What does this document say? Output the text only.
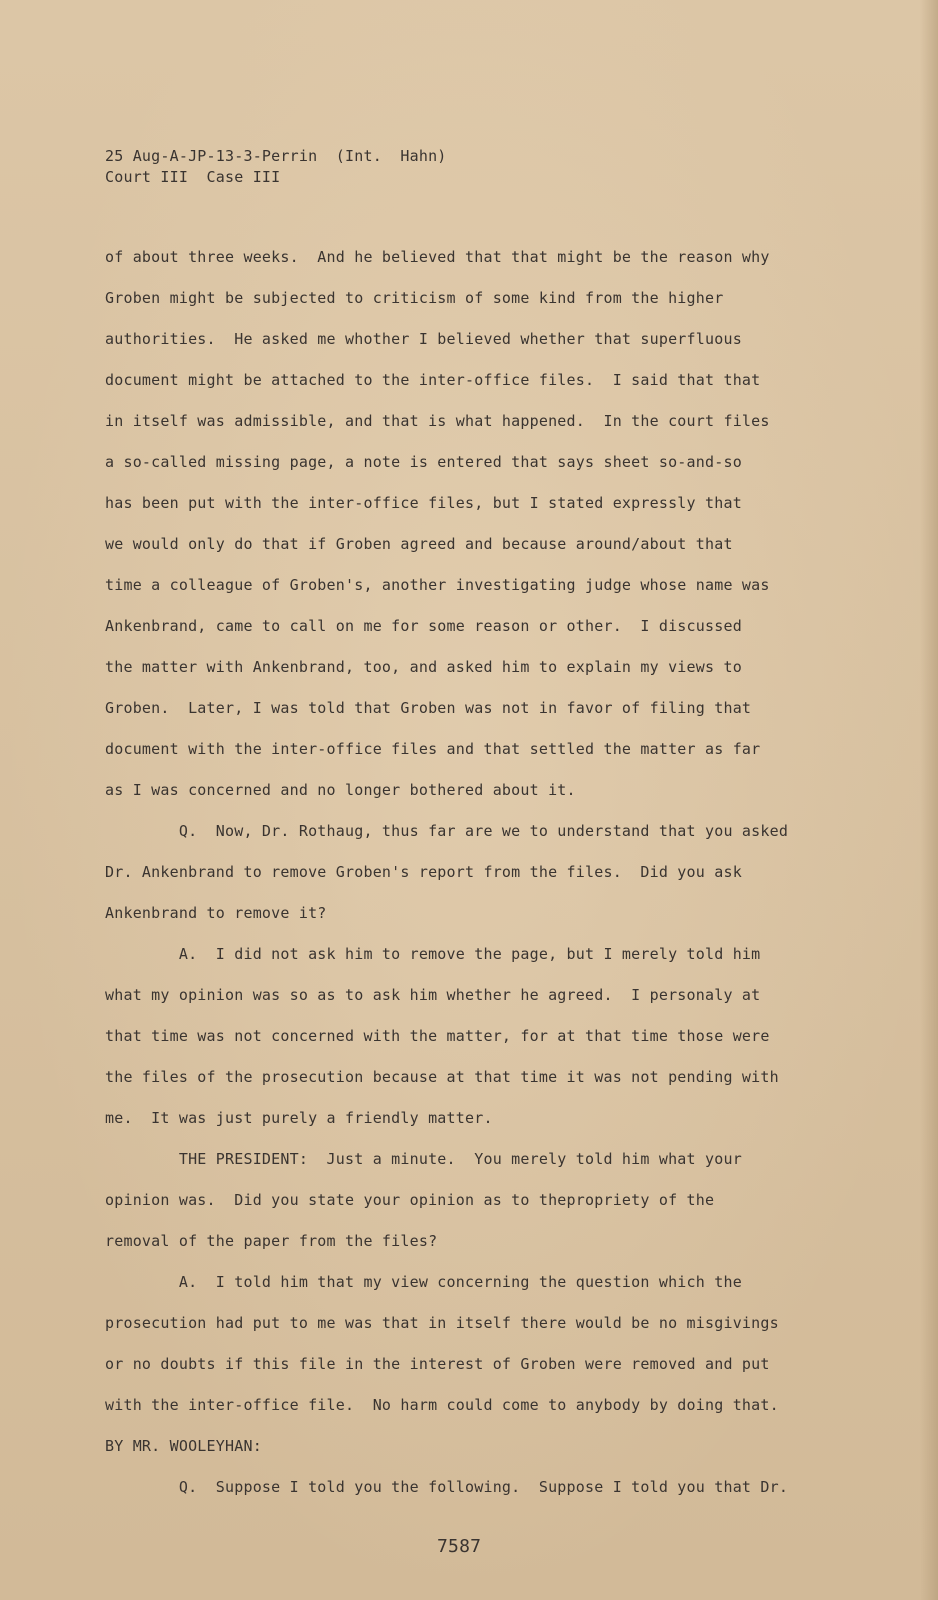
25 Aug-A-JP-13-3-Perrin  (Int.  Hahn)
Court III  Case III
of about three weeks.  And he believed that that might be the reason why
Groben might be subjected to criticism of some kind from the higher
authorities.  He asked me whother I believed whether that superfluous
document might be attached to the inter-office files.  I said that that
in itself was admissible, and that is what happened.  In the court files
a so-called missing page, a note is entered that says sheet so-and-so
has been put with the inter-office files, but I stated expressly that
we would only do that if Groben agreed and because around/about that
time a colleague of Groben's, another investigating judge whose name was
Ankenbrand, came to call on me for some reason or other.  I discussed
the matter with Ankenbrand, too, and asked him to explain my views to
Groben.  Later, I was told that Groben was not in favor of filing that
document with the inter-office files and that settled the matter as far
as I was concerned and no longer bothered about it.
Q.  Now, Dr. Rothaug, thus far are we to understand that you asked
Dr. Ankenbrand to remove Groben's report from the files.  Did you ask
Ankenbrand to remove it?
A.  I did not ask him to remove the page, but I merely told him
what my opinion was so as to ask him whether he agreed.  I personaly at
that time was not concerned with the matter, for at that time those were
the files of the prosecution because at that time it was not pending with
me.  It was just purely a friendly matter.
THE PRESIDENT:  Just a minute.  You merely told him what your
opinion was.  Did you state your opinion as to thepropriety of the
removal of the paper from the files?
A.  I told him that my view concerning the question which the
prosecution had put to me was that in itself there would be no misgivings
or no doubts if this file in the interest of Groben were removed and put
with the inter-office file.  No harm could come to anybody by doing that.
BY MR. WOOLEYHAN:
Q.  Suppose I told you the following.  Suppose I told you that Dr.
7587
